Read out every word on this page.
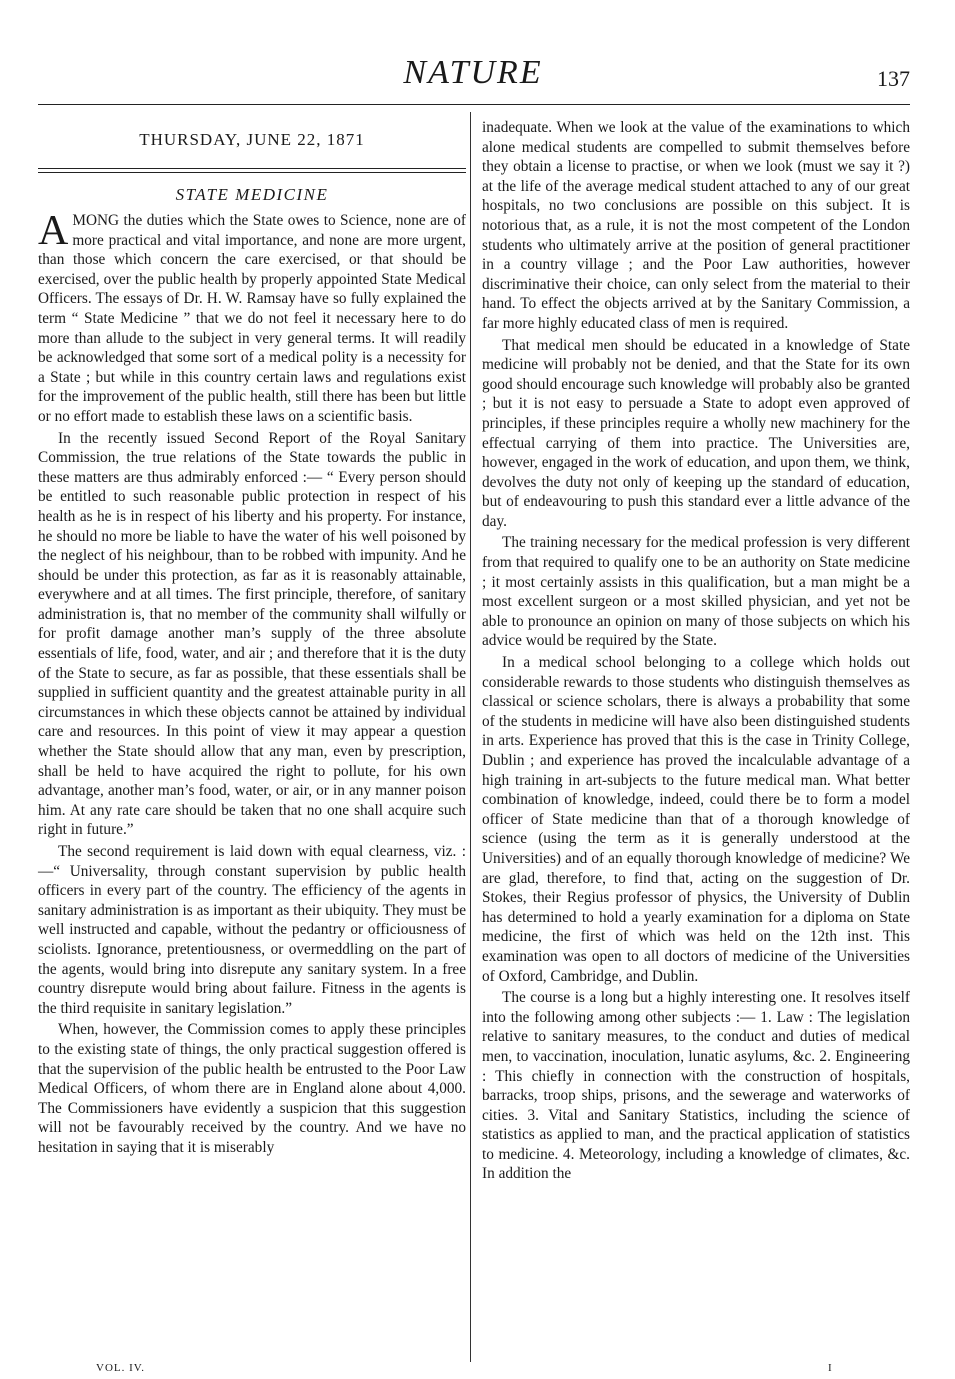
NATURE	137
THURSDAY, JUNE 22, 1871
STATE MEDICINE

AMONG the duties which the State owes to Science, none are of more practical and vital importance, and none are more urgent, than those which concern the care exercised, or that should be exercised, over the public health by properly appointed State Medical Officers. The essays of Dr. H. W. Ramsay have so fully explained the term “ State Medicine ” that we do not feel it necessary here to do more than allude to the subject in very general terms. It will readily be acknowledged that some sort of a medical polity is a necessity for a State ; but while in this country certain laws and regulations exist for the improvement of the public health, still there has been but little or no effort made to establish these laws on a scientific basis.

In the recently issued Second Report of the Royal Sanitary Commission, the true relations of the State towards the public in these matters are thus admirably enforced :— “ Every person should be entitled to such reasonable public protection in respect of his health as he is in respect of his liberty and his property. For instance, he should no more be liable to have the water of his well poisoned by the neglect of his neighbour, than to be robbed with impunity. And he should be under this protection, as far as it is reasonably attainable, everywhere and at all times. The first principle, therefore, of sanitary administration is, that no member of the community shall wilfully or for profit damage another man’s supply of the three absolute essentials of life, food, water, and air ; and therefore that it is the duty of the State to secure, as far as possible, that these essentials shall be supplied in sufficient quantity and the greatest attainable purity in all circumstances in which these objects cannot be attained by individual care and resources. In this point of view it may appear a question whether the State should allow that any man, even by prescription, shall be held to have acquired the right to pollute, for his own advantage, another man’s food, water, or air, or in any manner poison him. At any rate care should be taken that no one shall acquire such right in future.”

The second requirement is laid down with equal clearness, viz. :—“ Universality, through constant supervision by public health officers in every part of the country. The efficiency of the agents in sanitary administration is as important as their ubiquity. They must be well instructed and capable, without the pedantry or officiousness of sciolists. Ignorance, pretentiousness, or overmeddling on the part of the agents, would bring into disrepute any sanitary system. In a free country disrepute would bring about failure. Fitness in the agents is the third requisite in sanitary legislation.”

When, however, the Commission comes to apply these principles to the existing state of things, the only practical suggestion offered is that the supervision of the public health be entrusted to the Poor Law Medical Officers, of whom there are in England alone about 4,000. The Commissioners have evidently a suspicion that this suggestion will not be favourably received by the country. And we have no hesitation in saying that it is miserably

inadequate. When we look at the value of the examinations to which alone medical students are compelled to submit themselves before they obtain a license to practise, or when we look (must we say it ?) at the life of the average medical student attached to any of our great hospitals, no two conclusions are possible on this subject. It is notorious that, as a rule, it is not the most competent of the London students who ultimately arrive at the position of general practitioner in a country village ; and the Poor Law authorities, however discriminative their choice, can only select from the material to their hand. To effect the objects arrived at by the Sanitary Commission, a far more highly educated class of men is required.

That medical men should be educated in a knowledge of State medicine will probably not be denied, and that the State for its own good should encourage such knowledge will probably also be granted ; but it is not easy to persuade a State to adopt even approved of principles, if these principles require a wholly new machinery for the effectual carrying of them into practice. The Universities are, however, engaged in the work of education, and upon them, we think, devolves the duty not only of keeping up the standard of education, but of endeavouring to push this standard ever a little advance of the day.

The training necessary for the medical profession is very different from that required to qualify one to be an authority on State medicine ; it most certainly assists in this qualification, but a man might be a most excellent surgeon or a most skilled physician, and yet not be able to pronounce an opinion on many of those subjects on which his advice would be required by the State.

In a medical school belonging to a college which holds out considerable rewards to those students who distinguish themselves as classical or science scholars, there is always a probability that some of the students in medicine will have also been distinguished students in arts. Experience has proved that this is the case in Trinity College, Dublin ; and experience has proved the incalculable advantage of a high training in art-subjects to the future medical man. What better combination of knowledge, indeed, could there be to form a model officer of State medicine than that of a thorough knowledge of science (using the term as it is generally understood at the Universities) and of an equally thorough knowledge of medicine? We are glad, therefore, to find that, acting on the suggestion of Dr. Stokes, their Regius professor of physics, the University of Dublin has determined to hold a yearly examination for a diploma on State medicine, the first of which was held on the 12th inst. This examination was open to all doctors of medicine of the Universities of Oxford, Cambridge, and Dublin.

The course is a long but a highly interesting one. It resolves itself into the following among other subjects :— 1. Law : The legislation relative to sanitary measures, to the conduct and duties of medical men, to vaccination, inoculation, lunatic asylums, &c. 2. Engineering : This chiefly in connection with the construction of hospitals, barracks, troop ships, prisons, and the sewerage and waterworks of cities. 3. Vital and Sanitary Statistics, including the science of statistics as applied to man, and the practical application of statistics to medicine. 4. Meteorology, including a knowledge of climates, &c. In addition the

VOL. IV.	I
